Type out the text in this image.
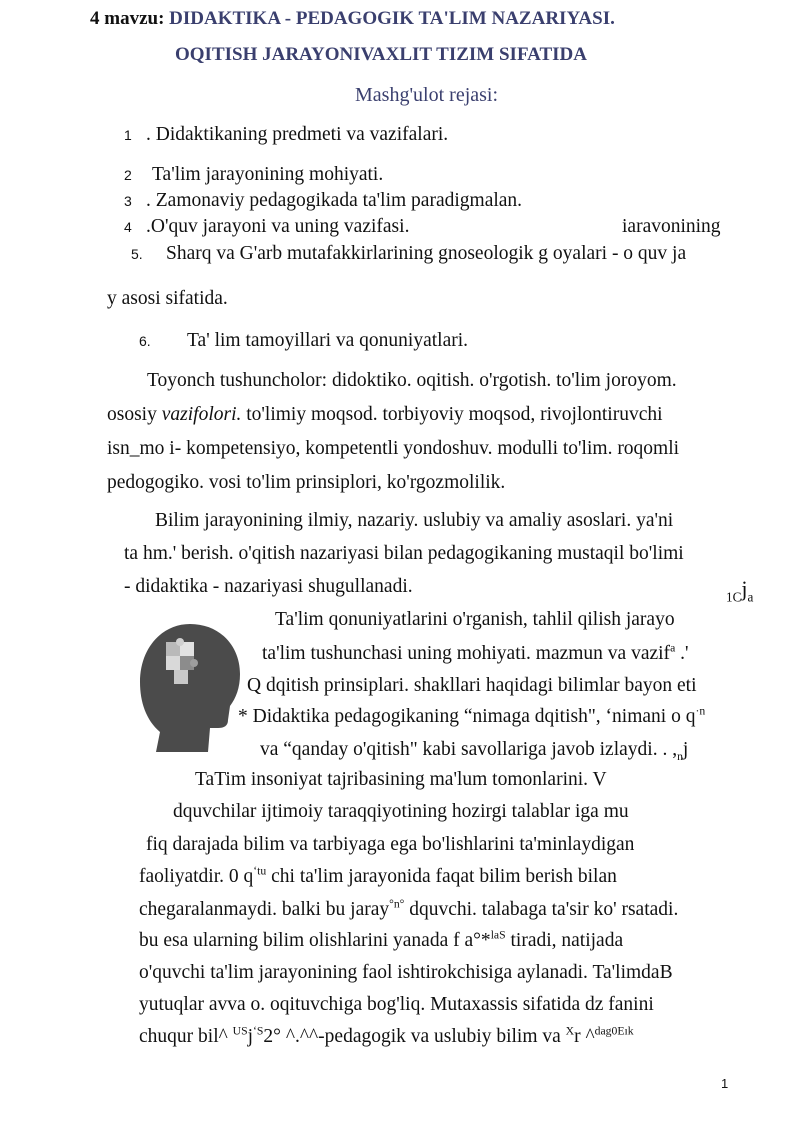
4 mavzu: DIDAKTIKA - PEDAGOGIK TA'LIM NAZARIYASI.
OQITISH JARAYONIVAXLIT TIZIM SIFATIDA
Mashg'ulot rejasi:
1 . Didaktikaning predmeti va vazifalari.
2 Ta'lim jarayonining mohiyati.
3 . Zamonaviy pedagogikada ta'lim paradigmalan.
4 .O'quv jarayoni va uning vazifasi.	iaravonining
5. Sharq va G'arb mutafakkirlarining gnoseologik g oyalari - o quv ja
y asosi sifatida.
6. Ta' lim tamoyillari va qonuniyatlari.
Toyonch tushuncholor: didoktiko. oqitish. o'rgotish. to'lim joroyom.
ososiy vazifolori. to'limiy moqsod. torbiyoviy moqsod, rivojlontiruvchi
isn_mo i- kompetensiyo, kompetentli yondoshuv. modulli to'lim. roqomli
pedogogiko. vosi to'lim prinsiplori, ko'rgozmolilik.
Bilim jarayonining ilmiy, nazariy. uslubiy va amaliy asoslari. ya'ni
ta hm.' berish. o'qitish nazariyasi bilan pedagogikaning mustaqil bo'limi
- didaktika - nazariyasi shugullanadi.	$_{1C}j_a$
Ta'lim qonuniyatlarini o'rganish, tahlil qilish jarayo
ta'lim tushunchasi uning mohiyati. mazmun va vazif$^a$ .'
Q dqitish prinsiplari. shakllari haqidagi bilimlar bayon eti
* Didaktika pedagogikaning “nimaga dqitish", ‘nimani o $q^{\cdot n}$
va “qanday o'qitish" kabi savollariga javob izlaydi. . $,_nj$
TaTim insoniyat tajribasining ma'lum tomonlarini. V
dquvchilar ijtimoiy taraqqiyotining hozirgi talablar iga mu
fiq darajada bilim va tarbiyaga ega bo'lishlarini ta'minlaydigan
faoliyatdir. 0 $q^{‘tu}$ chi ta'lim jarayonida faqat bilim berish bilan
chegaralanmaydi. balki bu jaray$^{^\circ n^\circ}$ dquvchi. talabaga ta'sir ko' rsatadi.
bu esa ularning bilim olishlarini yanada f a°*$^{laS}$ tiradi, natijada
o'quvchi ta'lim jarayonining faol ishtirokchisiga aylanadi. Ta'limdaB
yutuqlar avva o. oqituvchiga bog'liq. Mutaxassis sifatida dz fanini
chuqur bil^ $^{US}j^{‘S}2^\circ$ ^.^^-pedagogik va uslubiy bilim va $^X$r ^$^{dag0Eık}$
1
